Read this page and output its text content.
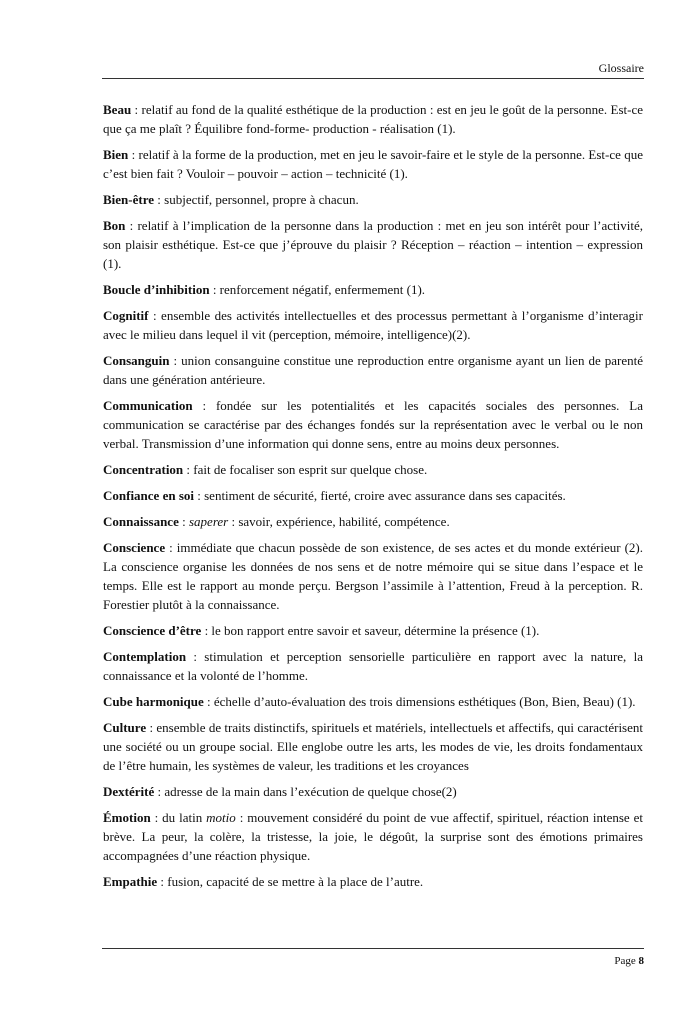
Glossaire

Beau : relatif au fond de la qualité esthétique de la production : est en jeu le goût de la personne. Est-ce que ça me plaît ? Équilibre fond-forme- production - réalisation (1).

Bien : relatif à la forme de la production, met en jeu le savoir-faire et le style de la personne. Est-ce que c’est bien fait ? Vouloir – pouvoir – action – technicité (1).

Bien-être : subjectif, personnel, propre à chacun.

Bon : relatif à l’implication de la personne dans la production : met en jeu son intérêt pour l’activité, son plaisir esthétique. Est-ce que j’éprouve du plaisir ? Réception – réaction – intention – expression (1).

Boucle d’inhibition : renforcement négatif, enfermement (1).

Cognitif : ensemble des activités intellectuelles et des processus permettant à l’organisme d’interagir avec le milieu dans lequel il vit (perception, mémoire, intelligence)(2).

Consanguin : union consanguine constitue une reproduction entre organisme ayant un lien de parenté dans une génération antérieure.

Communication : fondée sur les potentialités et les capacités sociales des personnes. La communication se caractérise par des échanges fondés sur la représentation avec le verbal ou le non verbal. Transmission d’une information qui donne sens, entre au moins deux personnes.

Concentration : fait de focaliser son esprit sur quelque chose.

Confiance en soi : sentiment de sécurité, fierté, croire avec assurance dans ses capacités.

Connaissance : saperer : savoir, expérience, habilité, compétence.

Conscience : immédiate que chacun possède de son existence, de ses actes et du monde extérieur (2). La conscience organise les données de nos sens et de notre mémoire qui se situe dans l’espace et le temps. Elle est le rapport au monde perçu. Bergson l’assimile à l’attention, Freud à la perception. R. Forestier plutôt à la connaissance.

Conscience d’être : le bon rapport entre savoir et saveur, détermine la présence (1).

Contemplation : stimulation et perception sensorielle particulière en rapport avec la nature, la connaissance et la volonté de l’homme.

Cube harmonique : échelle d’auto-évaluation des trois dimensions esthétiques (Bon, Bien, Beau) (1).

Culture : ensemble de traits distinctifs, spirituels et matériels, intellectuels et affectifs, qui caractérisent une société ou un groupe social. Elle englobe outre les arts, les modes de vie, les droits fondamentaux de l’être humain, les systèmes de valeur, les traditions et les croyances

Dextérité : adresse de la main dans l’exécution de quelque chose(2)

Émotion : du latin motio : mouvement considéré du point de vue affectif, spirituel, réaction intense et brève. La peur, la colère, la tristesse, la joie, le dégoût, la surprise sont des émotions primaires accompagnées d’une réaction physique.

Empathie : fusion, capacité de se mettre à la place de l’autre.

Page 8
